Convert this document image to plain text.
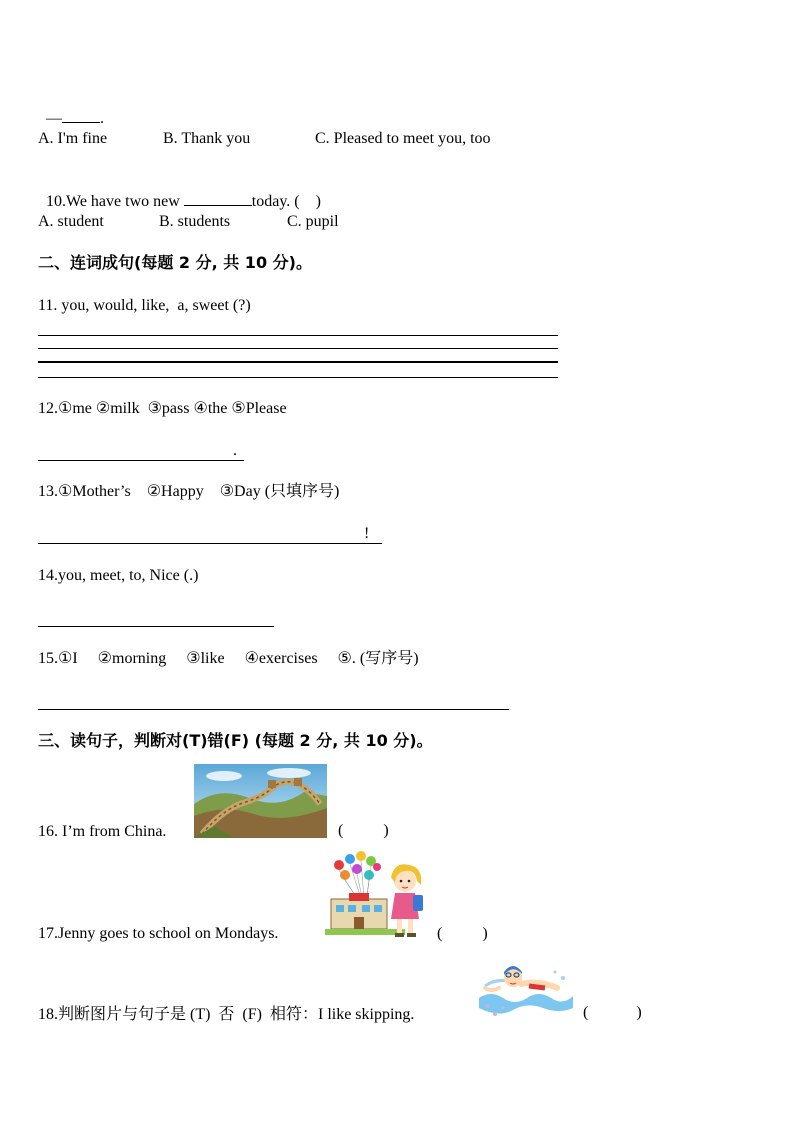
— .

A. I'm fine	B. Thank you	C. Pleased to meet you, too

10.We have two new	today. (    )

A. student	B. students	C. pupil
二、连词成句(每题 2 分, 共 10 分)。
11. you, would, like,  a, sweet (?)
12.①me ②milk  ③pass ④the ⑤Please
.
13.①Mother’s    ②Happy    ③Day (只填序号)
!
14.you, meet, to, Nice (.)
15.①I     ②morning     ③like     ④exercises     ⑤. (写序号)
三、读句子，判断对(T)错(F) (每题 2 分, 共 10 分)。
16. I’m from China.	(          )
17.Jenny goes to school on Mondays.	(          )
18.判断图片与句子是 (T)  否  (F)  相符：I like skipping.	(            )
